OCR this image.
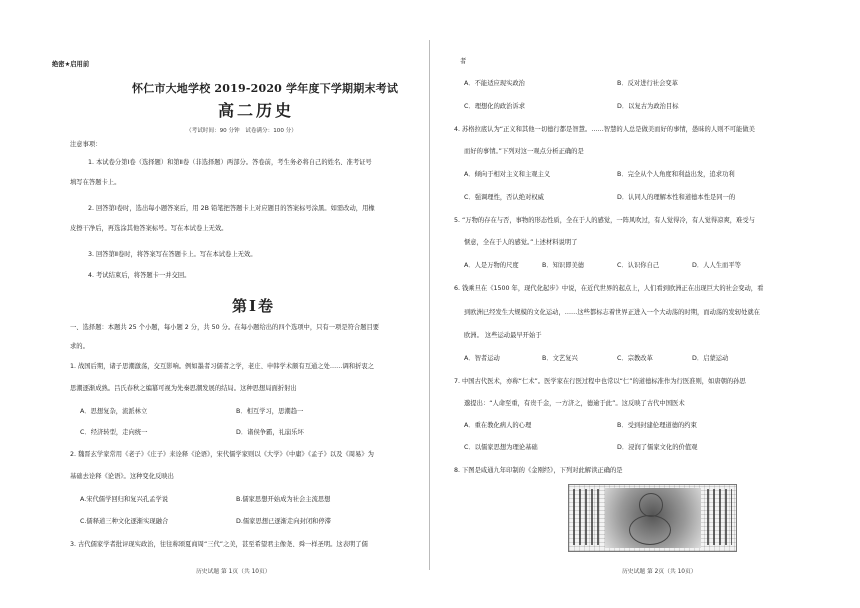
绝密★启用前
怀仁市大地学校 2019-2020 学年度下学期期末考试
高二历史
（考试时间：90 分钟　试卷满分：100 分）
注意事项：
1. 本试卷分第Ⅰ卷（选择题）和第Ⅱ卷（非选择题）两部分。答卷前，考生务必将自己的姓名、准考证号
填写在答题卡上。
2. 回答第Ⅰ卷时，选出每小题答案后，用 2B 铅笔把答题卡上对应题目的答案标号涂黑。如需改动，用橡
皮擦干净后，再选涂其他答案标号。写在本试卷上无效。
3. 回答第Ⅱ卷时，将答案写在答题卡上。写在本试卷上无效。
4. 考试结束后，将答题卡一并交回。
第Ⅰ卷
一、选择题：本题共 25 个小题，每小题 2 分，共 50 分。在每小题给出的四个选项中，只有一项是符合题目要
求的。
1. 战国后期，诸子思潮激荡，交互影响。例如墨者习儒者之学，老庄、申韩学术颇有互通之处……调和折衷之
思潮逐渐成熟。吕氏春秋之编纂可视为先秦思潮发展的结局。这种思想局面折射出
A．思想复杂，流派林立	B．相互学习，思潮趋一
C．经济转型，走向统一	D．诸侯争霸，礼崩乐坏
2. 魏晋玄学家常用《老子》《庄子》来诠释《论语》，宋代儒学家则以《大学》《中庸》《孟子》以及《周易》为
基础去诠释《论语》。这种变化反映出
A.宋代儒学回归和复兴孔孟学说	B.儒家思想开始成为社会主流思想
C.儒释道三种文化逐渐实现融合	D.儒家思想已逐渐走向封闭和停滞
3. 古代儒家学者批评现实政治，往往称颂夏商周“三代”之美，甚至希望君主像尧、舜一样圣明。这表明了儒
历史试题 第 1页（共 10页）
者
A．不能适应现实政治	B．反对进行社会变革
C．理想化的政治诉求	D．以复古为政治目标
4. 苏格拉底认为“正义和其他一切德行都是智慧。……智慧的人总是做美而好的事情，愚昧的人则不可能做美
而好的事情。”下列对这一观点分析正确的是
A．倾向于相对主义和主观主义	B．完全从个人角度和利益出发，追求功利
C．强调理性，否认绝对权威	D．认同人的理解本性和道德本性是同一的
5. “万物的存在与否，事物的形态性质，全在于人的感觉，一阵风吹过，有人觉得冷，有人觉得凉爽，难受与
惬意，全在于人的感觉。”上述材料说明了
A．人是万物的尺度	B．知识即美德	C．认识你自己	D．人人生而平等
6. 钱乘旦在《1500 年，现代化起步》中说，在近代世界的起点上，人们看到欧洲正在出现巨大的社会变动，看
到欧洲已经发生大规模的文化运动，……这些都标志着世界正进入一个大动荡的时期，而动荡的发轫处就在
欧洲。 这些运动最早开始于
A．智者运动	B．文艺复兴	C．宗教改革	D．启蒙运动
7. 中国古代医术，亦称“仁术”。医学家在行医过程中也常以“仁”的道德标准作为行医准则，如唐朝的孙思
邈提出：“人命至重，有贵千金，一方济之，德逾于此”。这反映了古代中国医术
A．重在教化病人的心理	B．受到封建伦理道德的约束
C．以儒家思想为理论基础	D．浸润了儒家文化的价值观
8. 下图是咸通九年印制的《金刚经》，下列对此解读正确的是
历史试题 第 2页（共 10页）
